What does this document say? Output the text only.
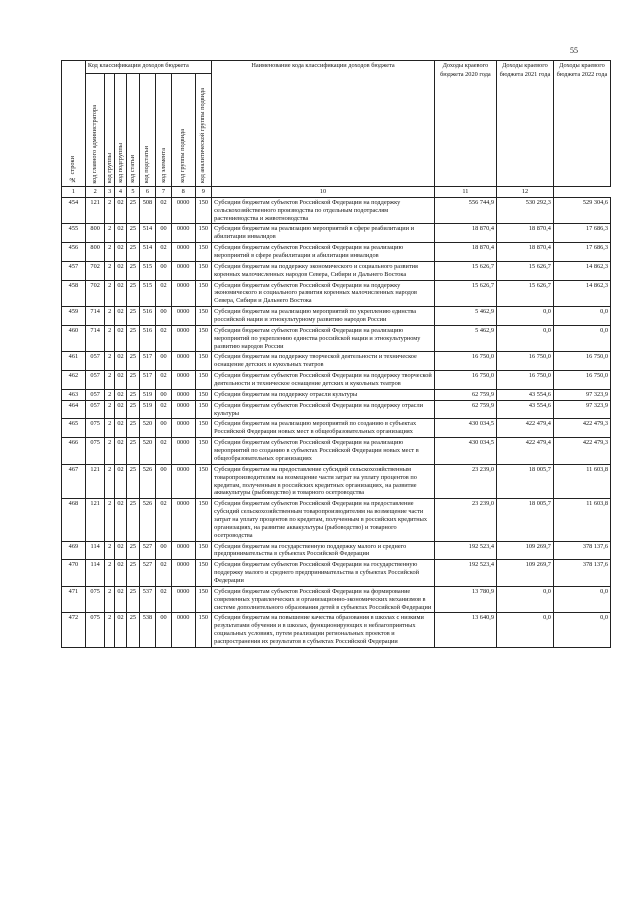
55
№ строки	Код классификации доходов бюджета								Наименование кода классификации доходов бюджета	Доходы краевого бюджета 2020 года	Доходы краевого бюджета 2021 года	Доходы краевого бюджета 2022 года
	код главного администратора	код группы	код подгруппы	код статьи	код подстатьи	код элемента	код группы подвида	код аналитической группы подвида				
1	2	3	4	5	6	7	8	9	10	11	12	
454	121	2	02	25	508	02	0000	150	Субсидии бюджетам субъектов Российской Федерации на поддержку сельскохозяйственного производства по отдельным подотраслям растениеводства и животноводства	556 744,9	530 292,3	529 304,6
455	800	2	02	25	514	00	0000	150	Субсидии бюджетам на реализацию мероприятий в сфере реабилитации и абилитации инвалидов	18 870,4	18 870,4	17 686,3
456	800	2	02	25	514	02	0000	150	Субсидии бюджетам субъектов Российской Федерации на реализацию мероприятий в сфере реабилитации и абилитации инвалидов	18 870,4	18 870,4	17 686,3
457	702	2	02	25	515	00	0000	150	Субсидии бюджетам на поддержку экономического и социального развития коренных малочисленных народов Севера, Сибири и Дальнего Востока	15 626,7	15 626,7	14 862,3
458	702	2	02	25	515	02	0000	150	Субсидии бюджетам субъектов Российской Федерации на поддержку экономического и социального развития коренных малочисленных народов Севера, Сибири и Дальнего Востока	15 626,7	15 626,7	14 862,3
459	714	2	02	25	516	00	0000	150	Субсидии бюджетам на реализацию мероприятий по укреплению единства российской нации и этнокультурному развитию народов России	5 462,9	0,0	0,0
460	714	2	02	25	516	02	0000	150	Субсидии бюджетам субъектов Российской Федерации на реализацию мероприятий по укреплению единства российской нации и этнокультурному развитию народов России	5 462,9	0,0	0,0
461	057	2	02	25	517	00	0000	150	Субсидии бюджетам на поддержку творческой деятельности и техническое оснащение детских и кукольных театров	16 750,0	16 750,0	16 750,0
462	057	2	02	25	517	02	0000	150	Субсидии бюджетам субъектов Российской Федерации на поддержку творческой деятельности и техническое оснащение детских и кукольных театров	16 750,0	16 750,0	16 750,0
463	057	2	02	25	519	00	0000	150	Субсидии бюджетам на поддержку отрасли культуры	62 759,9	43 554,6	97 323,9
464	057	2	02	25	519	02	0000	150	Субсидии бюджетам субъектов Российской Федерации на поддержку отрасли культуры	62 759,9	43 554,6	97 323,9
465	075	2	02	25	520	00	0000	150	Субсидии бюджетам на реализацию мероприятий по созданию в субъектах Российской Федерации новых мест в общеобразовательных организациях	430 034,5	422 479,4	422 479,3
466	075	2	02	25	520	02	0000	150	Субсидии бюджетам субъектов Российской Федерации на реализацию мероприятий по созданию в субъектах Российской Федерации новых мест в общеобразовательных организациях	430 034,5	422 479,4	422 479,3
467	121	2	02	25	526	00	0000	150	Субсидии бюджетам на предоставление субсидий сельскохозяйственным товаропроизводителям на возмещение части затрат на уплату процентов по кредитам, полученным в российских кредитных организациях, на развитие аквакультуры (рыбоводство) и товарного осетроводства	23 239,0	18 005,7	11 603,8
468	121	2	02	25	526	02	0000	150	Субсидии бюджетам субъектов Российской Федерации на предоставление субсидий сельскохозяйственным товаропроизводителям на возмещение части затрат на уплату процентов по кредитам, полученным в российских кредитных организациях, на развитие аквакультуры (рыбоводство) и товарного осетроводства	23 239,0	18 005,7	11 603,8
469	114	2	02	25	527	00	0000	150	Субсидии бюджетам на государственную поддержку малого и среднего предпринимательства в субъектах Российской Федерации	192 523,4	109 269,7	378 137,6
470	114	2	02	25	527	02	0000	150	Субсидии бюджетам субъектов Российской Федерации на государственную поддержку малого и среднего предпринимательства в субъектах Российской Федерации	192 523,4	109 269,7	378 137,6
471	075	2	02	25	537	02	0000	150	Субсидии бюджетам субъектов Российской Федерации на формирование современных управленческих и организационно-экономических механизмов в системе дополнительного образования детей в субъектах Российской Федерации	13 780,9	0,0	0,0
472	075	2	02	25	538	00	0000	150	Субсидии бюджетам на повышение качества образования в школах с низкими результатами обучения и в школах, функционирующих в неблагоприятных социальных условиях, путем реализации региональных проектов и распространения их результатов в субъектах Российской Федерации	13 640,9	0,0	0,0
